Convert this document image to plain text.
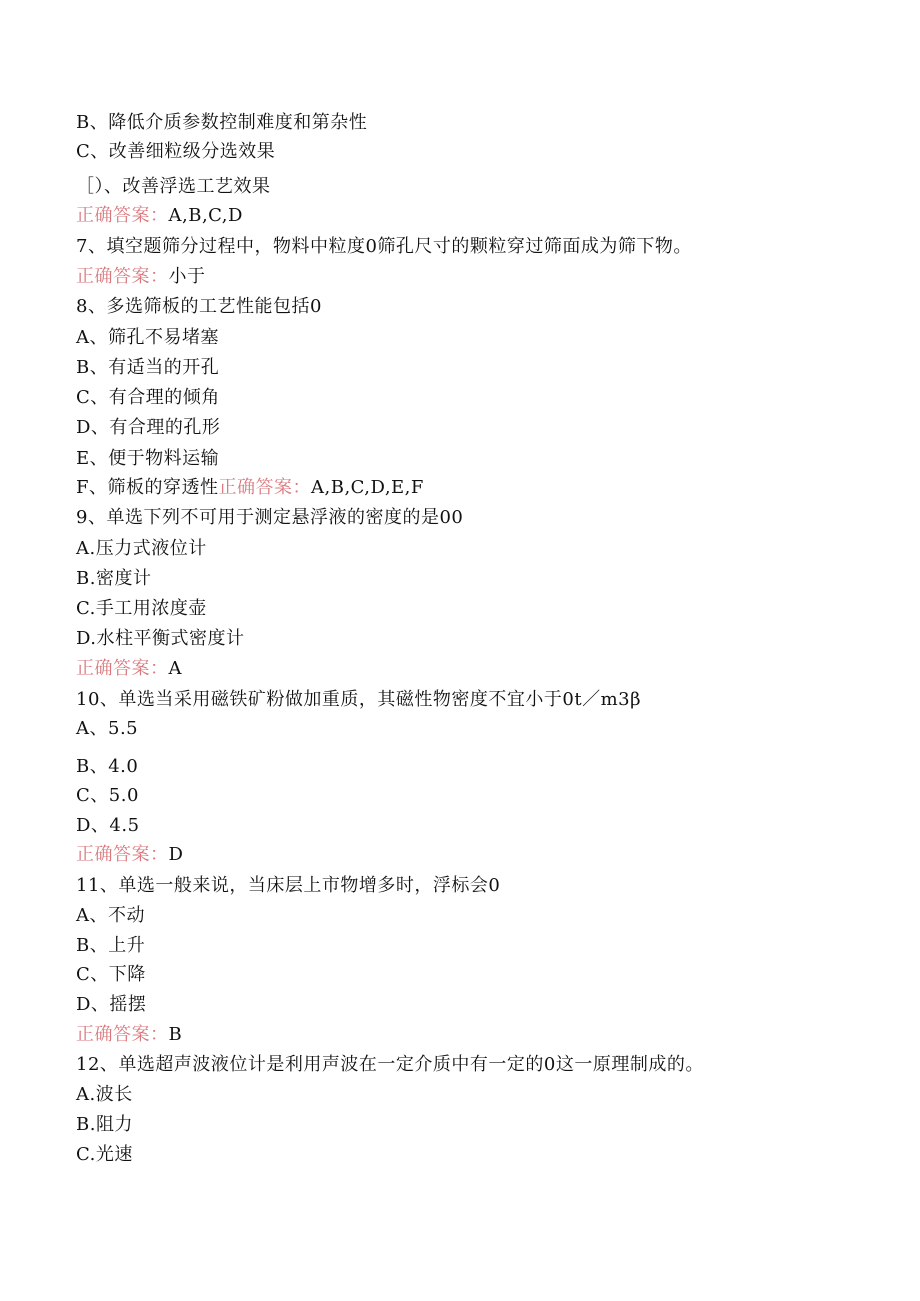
B、降低介质参数控制难度和第杂性
C、改善细粒级分选效果
［）、改善浮选工艺效果
正确答案：A,B,C,D
7、填空题筛分过程中，物料中粒度0筛孔尺寸的颗粒穿过筛面成为筛下物。
正确答案：小于
8、多选筛板的工艺性能包括0
A、筛孔不易堵塞
B、有适当的开孔
C、有合理的倾角
D、有合理的孔形
E、便于物料运输
F、筛板的穿透性正确答案：A,B,C,D,E,F
9、单选下列不可用于测定悬浮液的密度的是00
A.压力式液位计
B.密度计
C.手工用浓度壶
D.水柱平衡式密度计
正确答案：A
10、单选当采用磁铁矿粉做加重质，其磁性物密度不宜小于0t／m3β
A、5.5
B、4.0
C、5.0
D、4.5
正确答案：D
11、单选一般来说，当床层上市物增多时，浮标会0
A、不动
B、上升
C、下降
D、摇摆
正确答案：B
12、单选超声波液位计是利用声波在一定介质中有一定的0这一原理制成的。
A.波长
B.阻力
C.光速
